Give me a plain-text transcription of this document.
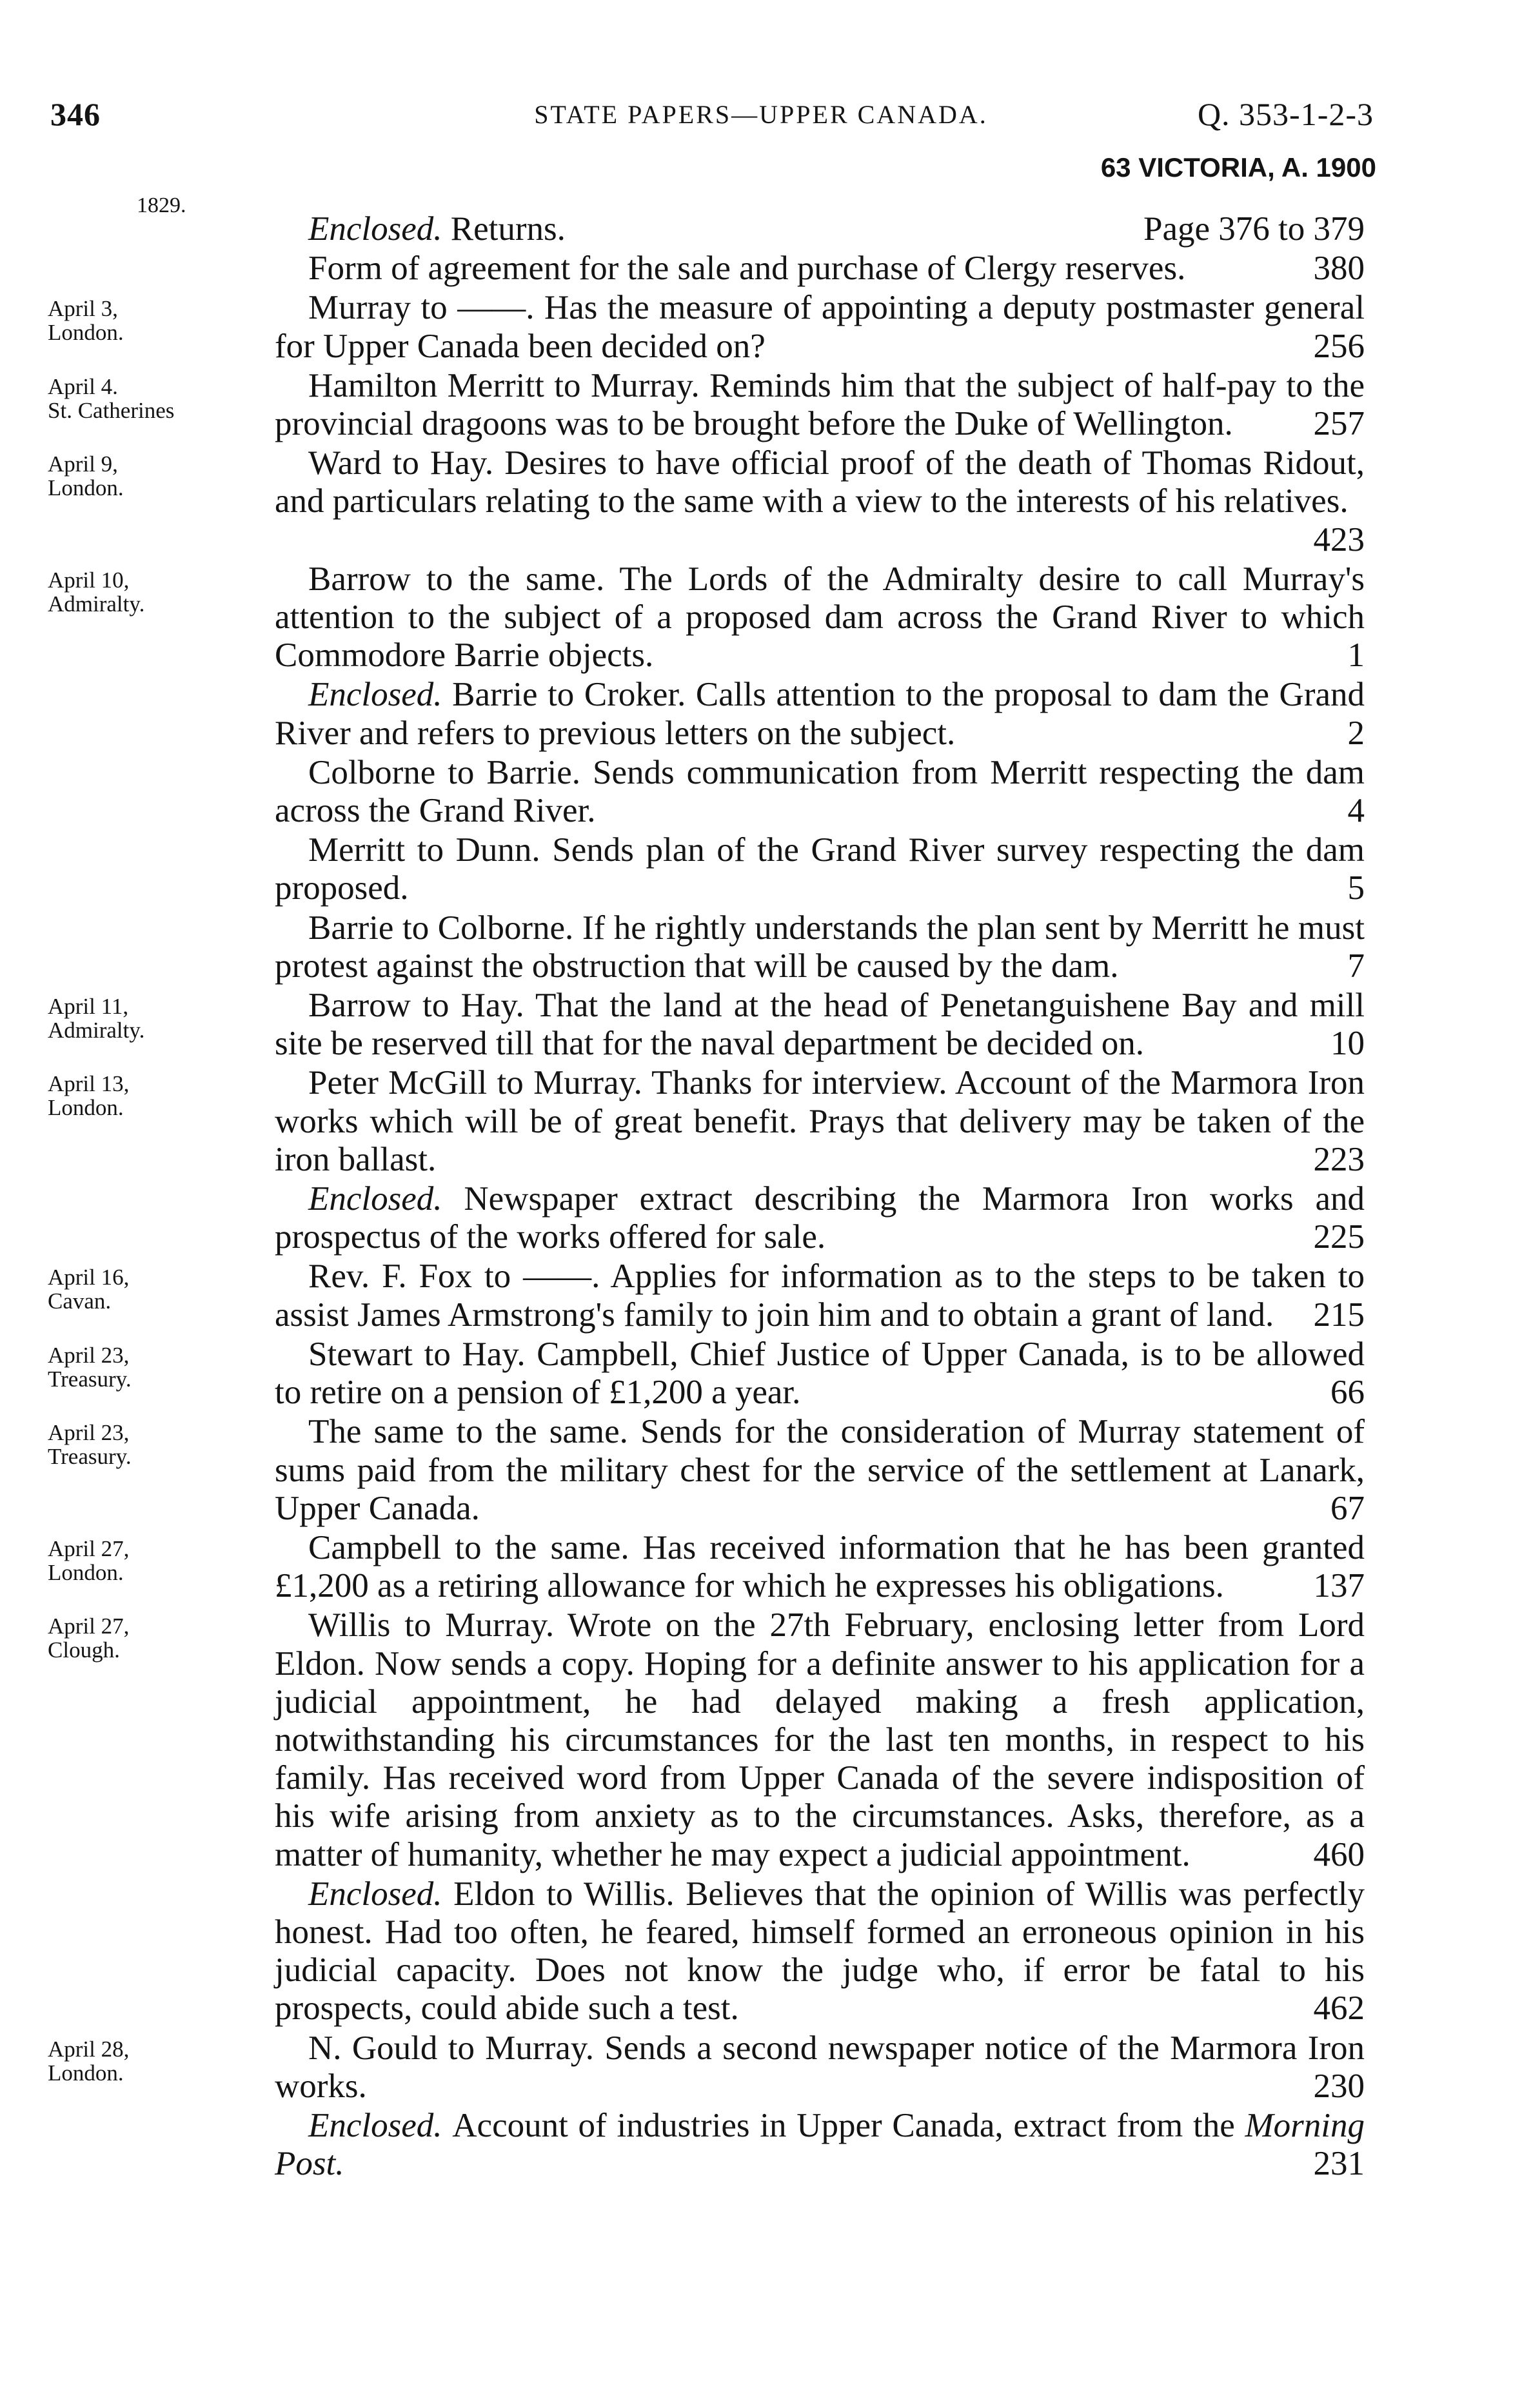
346	STATE PAPERS—UPPER CANADA.	Q. 353-1-2-3
63 VICTORIA, A. 1900
1829.
Enclosed. Returns.	Page 376 to 379
Form of agreement for the sale and purchase of Clergy reserves.	380
April 3,
London.
Murray to ——. Has the measure of appointing a deputy postmaster general for Upper Canada been decided on?	256
April 4.
St. Catherines
Hamilton Merritt to Murray. Reminds him that the subject of half-pay to the provincial dragoons was to be brought before the Duke of Wellington. 257
April 9,
London.
Ward to Hay. Desires to have official proof of the death of Thomas Ridout, and particulars relating to the same with a view to the interests of his relatives.
423
April 10,
Admiralty.
Barrow to the same. The Lords of the Admiralty desire to call Murray's attention to the subject of a proposed dam across the Grand River to which Commodore Barrie objects.	1
Enclosed. Barrie to Croker. Calls attention to the proposal to dam the Grand River and refers to previous letters on the subject.	2
Colborne to Barrie. Sends communication from Merritt respecting the dam across the Grand River.	4
Merritt to Dunn. Sends plan of the Grand River survey respecting the dam proposed.	5
Barrie to Colborne. If he rightly understands the plan sent by Merritt he must protest against the obstruction that will be caused by the dam.	7
April 11,
Admiralty.
Barrow to Hay. That the land at the head of Penetanguishene Bay and mill site be reserved till that for the naval department be decided on.	10
April 13,
London.
Peter McGill to Murray. Thanks for interview. Account of the Marmora Iron works which will be of great benefit. Prays that delivery may be taken of the iron ballast.	223
Enclosed. Newspaper extract describing the Marmora Iron works and prospectus of the works offered for sale.	225
April 16,
Cavan.
Rev. F. Fox to ——. Applies for information as to the steps to be taken to assist James Armstrong's family to join him and to obtain a grant of land. 215
April 23,
Treasury.
Stewart to Hay. Campbell, Chief Justice of Upper Canada, is to be allowed to retire on a pension of £1,200 a year.	66
April 23,
Treasury.
The same to the same. Sends for the consideration of Murray statement of sums paid from the military chest for the service of the settlement at Lanark, Upper Canada.	67
April 27,
London.
Campbell to the same. Has received information that he has been granted £1,200 as a retiring allowance for which he expresses his obligations.	137
April 27,
Clough.
Willis to Murray. Wrote on the 27th February, enclosing letter from Lord Eldon. Now sends a copy. Hoping for a definite answer to his application for a judicial appointment, he had delayed making a fresh application, notwithstanding his circumstances for the last ten months, in respect to his family. Has received word from Upper Canada of the severe indisposition of his wife arising from anxiety as to the circumstances. Asks, therefore, as a matter of humanity, whether he may expect a judicial appointment.	460
Enclosed. Eldon to Willis. Believes that the opinion of Willis was perfectly honest. Had too often, he feared, himself formed an erroneous opinion in his judicial capacity. Does not know the judge who, if error be fatal to his prospects, could abide such a test.	462
April 28,
London.
N. Gould to Murray. Sends a second newspaper notice of the Marmora Iron works.	230
Enclosed. Account of industries in Upper Canada, extract from the Morning Post.	231
